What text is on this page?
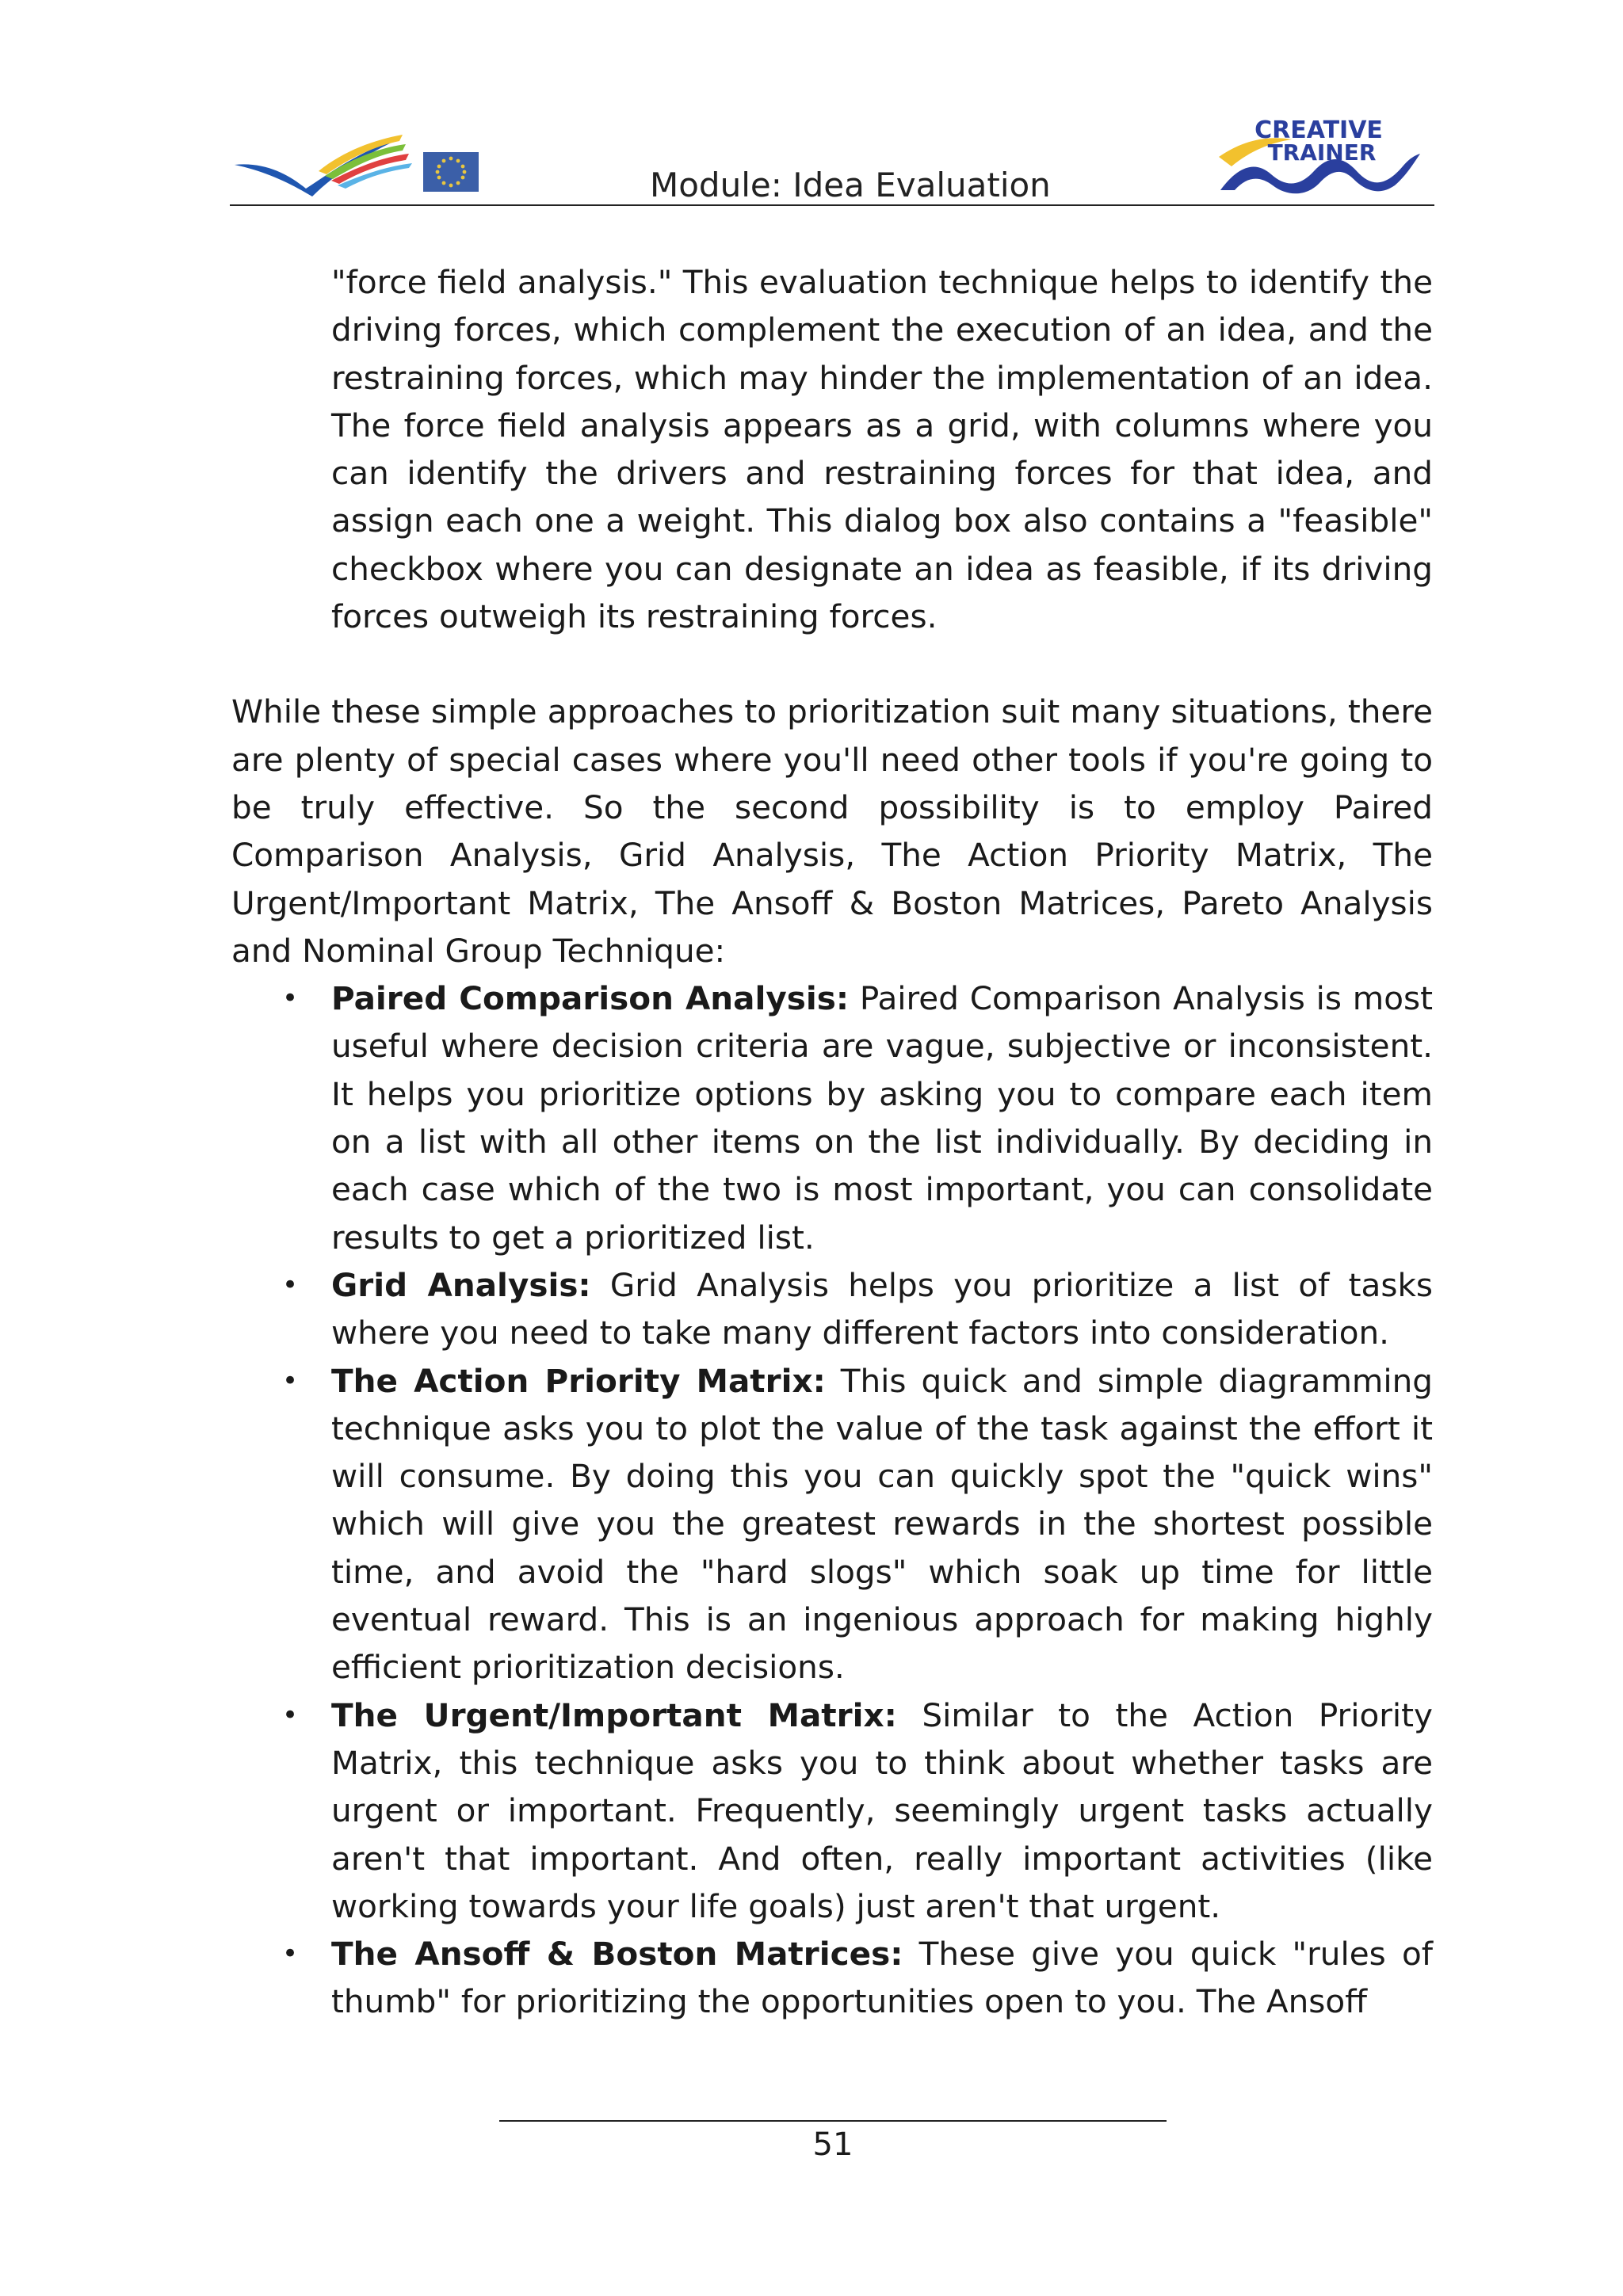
Module: Idea Evaluation
CREATIVE
TRAINER

"force field analysis." This evaluation technique helps to identify the driving forces, which complement the execution of an idea, and the restraining forces, which may hinder the implementation of an idea. The force field analysis appears as a grid, with columns where you can identify the drivers and restraining forces for that idea, and assign each one a weight. This dialog box also contains a "feasible" checkbox where you can designate an idea as feasible, if its driving forces outweigh its restraining forces.

While these simple approaches to prioritization suit many situations, there are plenty of special cases where you'll need other tools if you're going to be truly effective. So the second possibility is to employ Paired Comparison Analysis, Grid Analysis, The Action Priority Matrix, The Urgent/Important Matrix, The Ansoff & Boston Matrices, Pareto Analysis and Nominal Group Technique:

• Paired Comparison Analysis: Paired Comparison Analysis is most useful where decision criteria are vague, subjective or inconsistent. It helps you prioritize options by asking you to compare each item on a list with all other items on the list individually. By deciding in each case which of the two is most important, you can consolidate results to get a prioritized list.
• Grid Analysis: Grid Analysis helps you prioritize a list of tasks where you need to take many different factors into consideration.
• The Action Priority Matrix: This quick and simple diagramming technique asks you to plot the value of the task against the effort it will consume. By doing this you can quickly spot the "quick wins" which will give you the greatest rewards in the shortest possible time, and avoid the "hard slogs" which soak up time for little eventual reward. This is an ingenious approach for making highly efficient prioritization decisions.
• The Urgent/Important Matrix: Similar to the Action Priority Matrix, this technique asks you to think about whether tasks are urgent or important. Frequently, seemingly urgent tasks actually aren't that important. And often, really important activities (like working towards your life goals) just aren't that urgent.
• The Ansoff & Boston Matrices: These give you quick "rules of thumb" for prioritizing the opportunities open to you. The Ansoff
51
